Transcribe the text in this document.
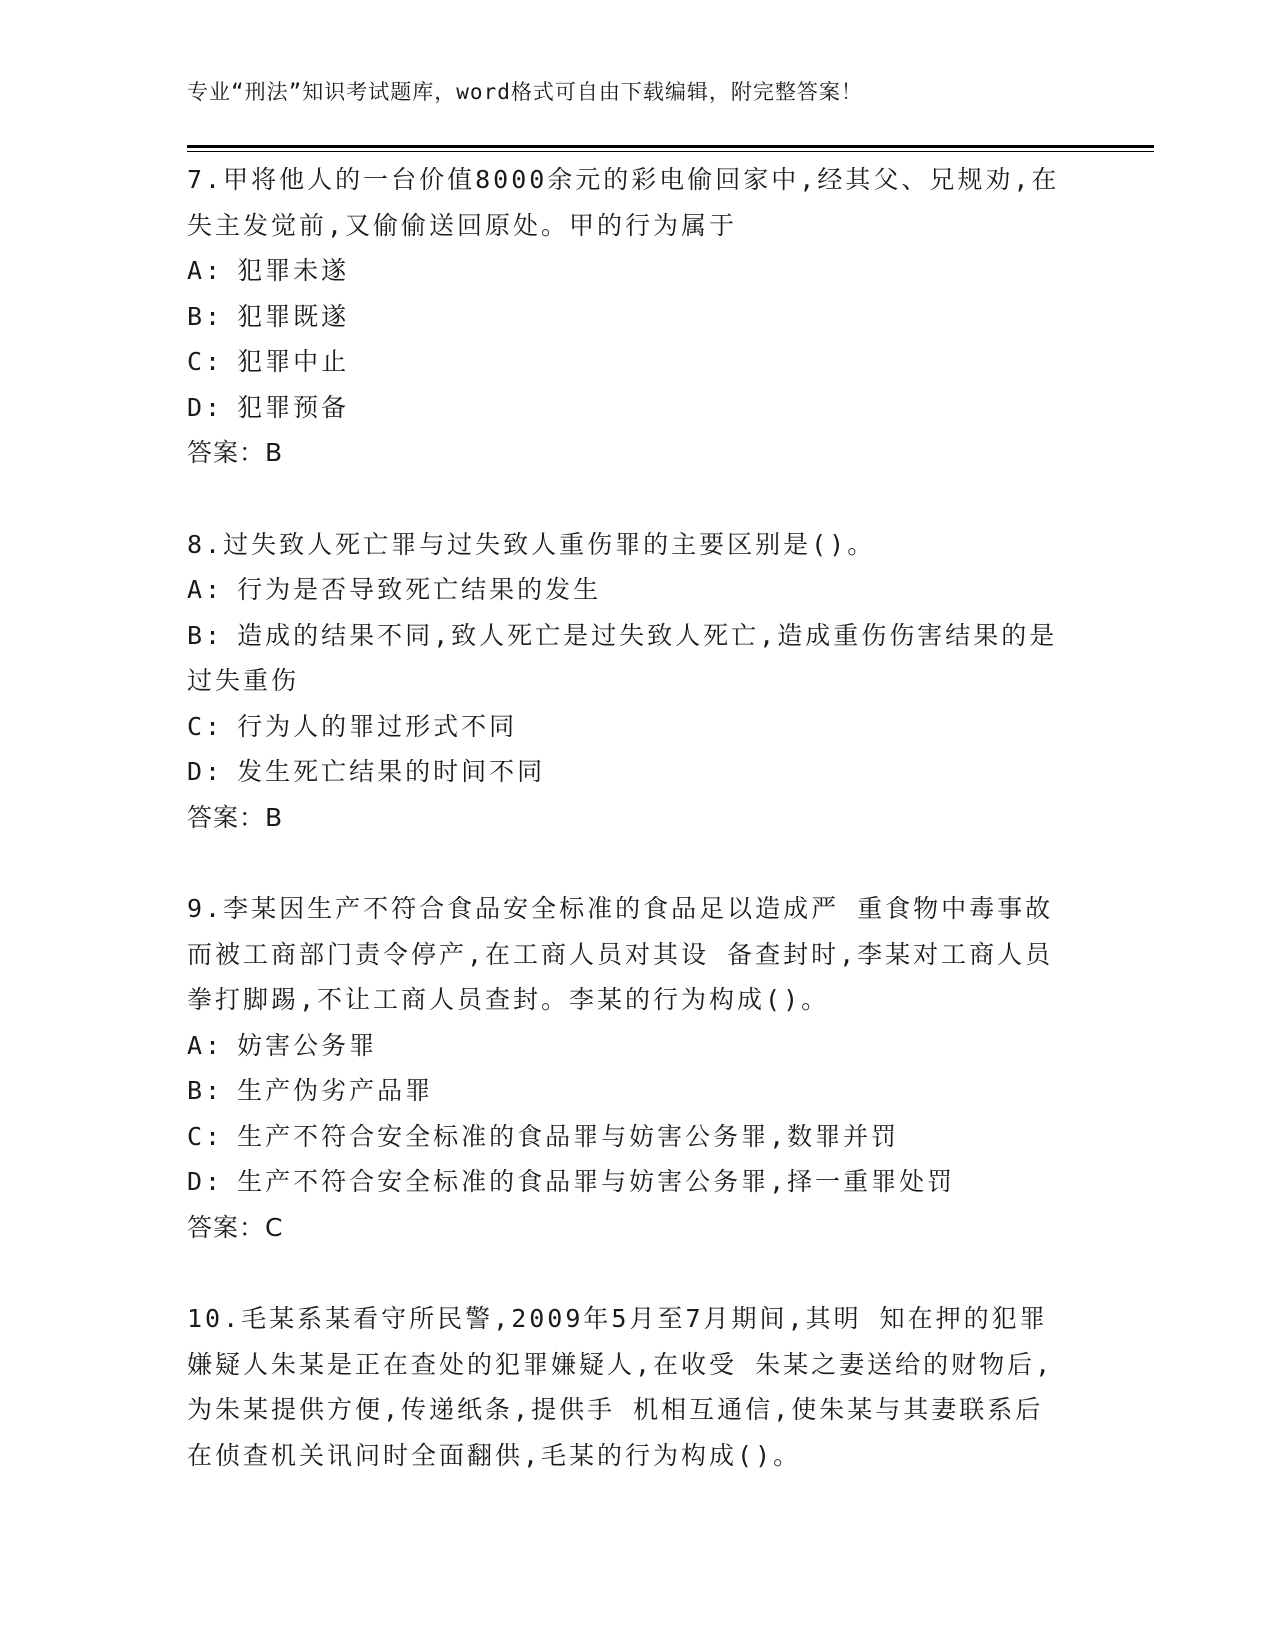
专业“刑法”知识考试题库，word格式可自由下载编辑，附完整答案！
7.甲将他人的一台价值8000余元的彩电偷回家中,经其父、兄规劝,在
失主发觉前,又偷偷送回原处。甲的行为属于
A: 犯罪未遂
B: 犯罪既遂
C: 犯罪中止
D: 犯罪预备
答案：B
8.过失致人死亡罪与过失致人重伤罪的主要区别是()。
A: 行为是否导致死亡结果的发生
B: 造成的结果不同,致人死亡是过失致人死亡,造成重伤伤害结果的是
过失重伤
C: 行为人的罪过形式不同
D: 发生死亡结果的时间不同
答案：B
9.李某因生产不符合食品安全标准的食品足以造成严 重食物中毒事故
而被工商部门责令停产,在工商人员对其设 备查封时,李某对工商人员
拳打脚踢,不让工商人员查封。李某的行为构成()。
A: 妨害公务罪
B: 生产伪劣产品罪
C: 生产不符合安全标准的食品罪与妨害公务罪,数罪并罚
D: 生产不符合安全标准的食品罪与妨害公务罪,择一重罪处罚
答案：C
10.毛某系某看守所民警,2009年5月至7月期间,其明 知在押的犯罪
嫌疑人朱某是正在查处的犯罪嫌疑人,在收受 朱某之妻送给的财物后,
为朱某提供方便,传递纸条,提供手 机相互通信,使朱某与其妻联系后
在侦查机关讯问时全面翻供,毛某的行为构成()。
